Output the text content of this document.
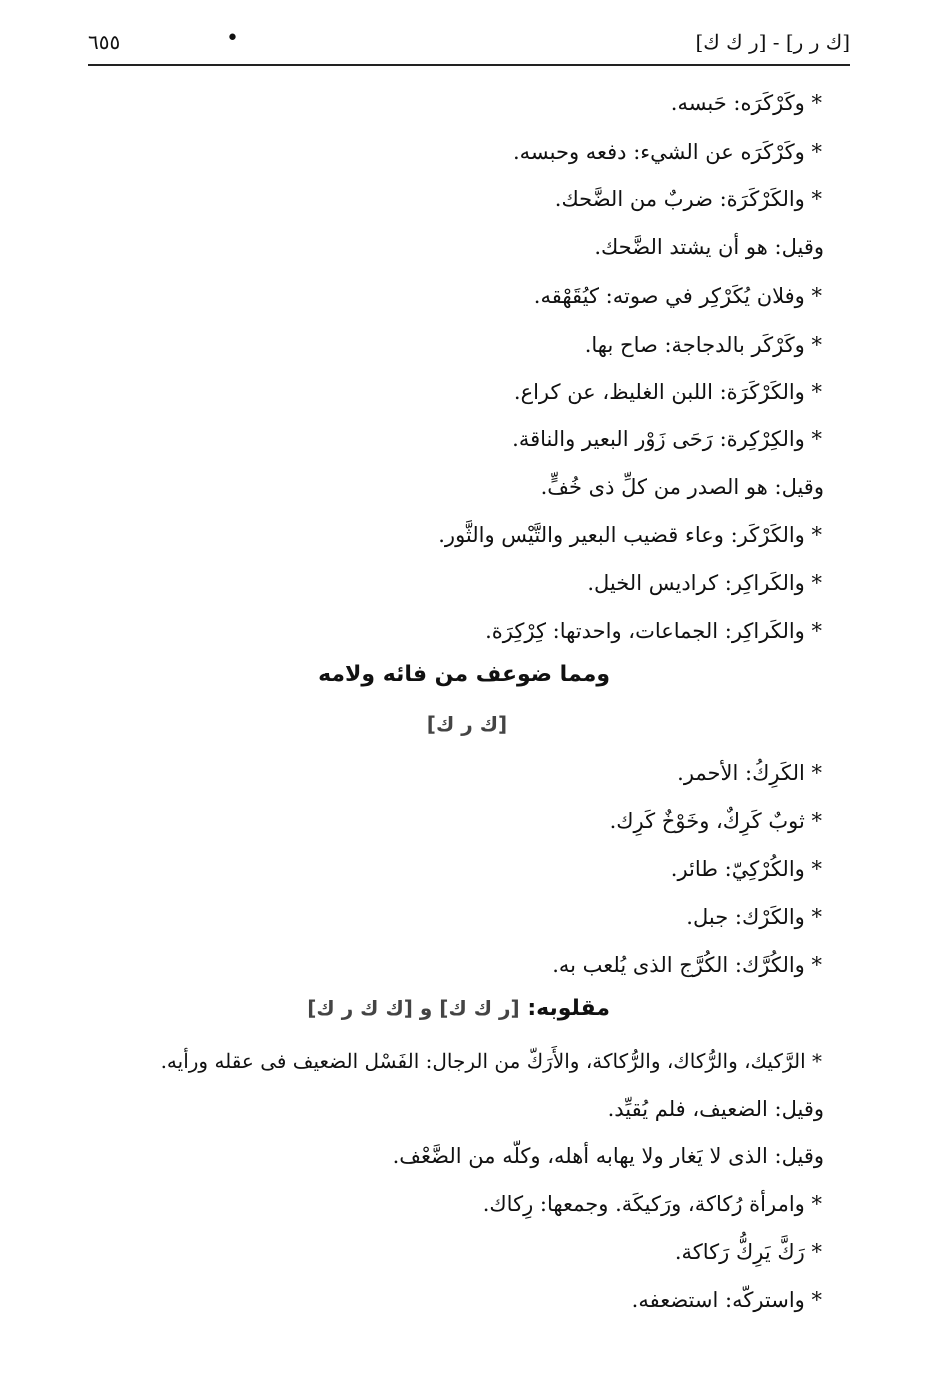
٦٥٥	•	[ك ر ر] - [ر ك ك]
* وكَرْكَرَه: حَبسه.
* وكَرْكَرَه عن الشيء: دفعه وحبسه.
* والكَرْكَرَة: ضربٌ من الضَّحك.
وقيل: هو أن يشتد الضَّحك.
* وفلان يُكَرْكِر في صوته: كيُقَهْقه.
* وكَرْكَر بالدجاجة: صاح بها.
* والكَرْكَرَة: اللبن الغليظ، عن كراع.
* والكِرْكِرة: رَحَى زَوْر البعير والناقة.
وقيل: هو الصدر من كلِّ ذى خُفٍّ.
* والكَرْكَر: وعاء قضيب البعير والتَّيْس والثَّور.
* والكَراكِر: كراديس الخيل.
* والكَراكِر: الجماعات، واحدتها: كِرْكِرَة.
ومما ضوعف من فائه ولامه
[ك ر ك]
* الكَرِكُ: الأحمر.
* ثوبٌ كَرِكٌ، وخَوْخٌ كَرِك.
* والكُرْكِيّ: طائر.
* والكَرْك: جبل.
* والكُرَّك: الكُرَّج الذى يُلعب به.
مقلوبه: [ر ك ك] و [ك ك ر ك]
* الرَّكيك، والرُّكاك، والرُّكاكة، والأَرَكّ من الرجال: الفَسْل الضعيف فى عقله ورأيه.
وقيل: الضعيف، فلم يُقيِّد.
وقيل: الذى لا يَغار ولا يهابه أهله، وكلّه من الضَّعْف.
* وامرأة رُكاكة، ورَكيكَة. وجمعها: رِكاك.
* رَكَّ يَرِكُّ رَكاكة.
* واستركّه: استضعفه.
